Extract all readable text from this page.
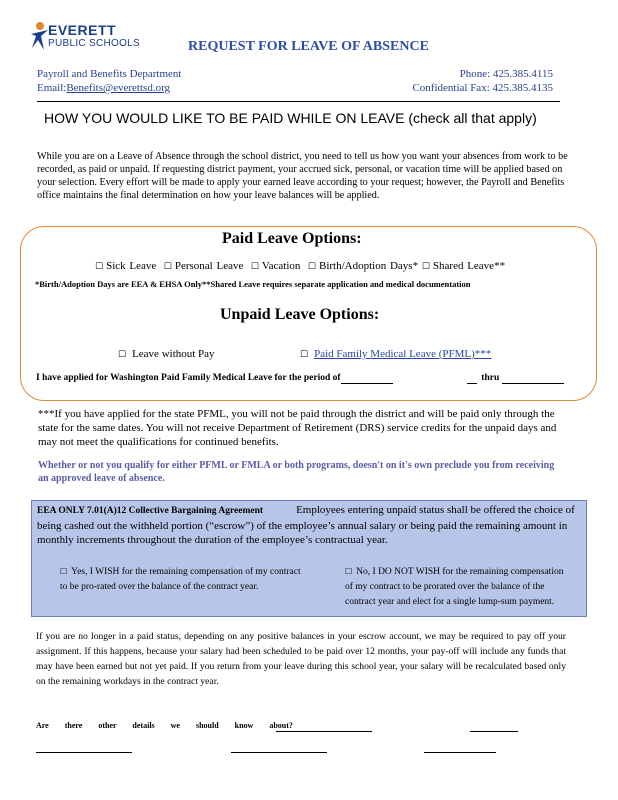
EVERETT
PUBLIC SCHOOLS	REQUEST FOR LEAVE OF ABSENCE
Payroll and Benefits Department
Email:Benefits@everettsd.org
Phone: 425.385.4115
Confidential Fax: 425.385.4135
HOW YOU WOULD LIKE TO BE PAID WHILE ON LEAVE (check all that apply)
While you are on a Leave of Absence through the school district, you need to tell us how you want your absences from work to be recorded, as paid or unpaid. If requesting district payment, your accrued sick, personal, or vacation time will be applied based on your selection. Every effort will be made to apply your earned leave according to your request; however, the Payroll and Benefits office maintains the final determination on how your leave balances will be applied.
Paid Leave Options:
☐ Sick Leave ☐ Personal Leave ☐ Vacation ☐ Birth/Adoption Days* ☐ Shared Leave**
*Birth/Adoption Days are EEA & EHSA Only**Shared Leave requires separate application and medical documentation
Unpaid Leave Options:
☐ Leave without Pay	☐ Paid Family Medical Leave (PFML)***
I have applied for Washington Paid Family Medical Leave for the period of	thru
***If you have applied for the state PFML, you will not be paid through the district and will be paid only through the state for the same dates. You will not receive Department of Retirement (DRS) service credits for the unpaid days and may not meet the qualifications for continued benefits.
Whether or not you qualify for either PFML or FMLA or both programs, doesn't on it's own preclude you from receiving an approved leave of absence.
EEA ONLY 7.01(A)12 Collective Bargaining Agreement	Employees entering unpaid status shall be offered the choice of being cashed out the withheld portion (“escrow”) of the employee’s annual salary or being paid the remaining amount in monthly increments throughout the duration of the employee’s contractual year.
☐ Yes, I WISH for the remaining compensation of my contract to be pro-rated over the balance of the contract year.
☐ No, I DO NOT WISH for the remaining compensation of my contract to be prorated over the balance of the contract year and elect for a single lump-sum payment.
If you are no longer in a paid status, depending on any positive balances in your escrow account, we may be required to pay off your assignment. If this happens, because your salary had been scheduled to be paid over 12 months, your pay-off will include any funds that may have been earned but not yet paid. If you return from your leave during this school year, your salary will be recalculated based only on the remaining workdays in the contract year.
Are there other details we should know about?
